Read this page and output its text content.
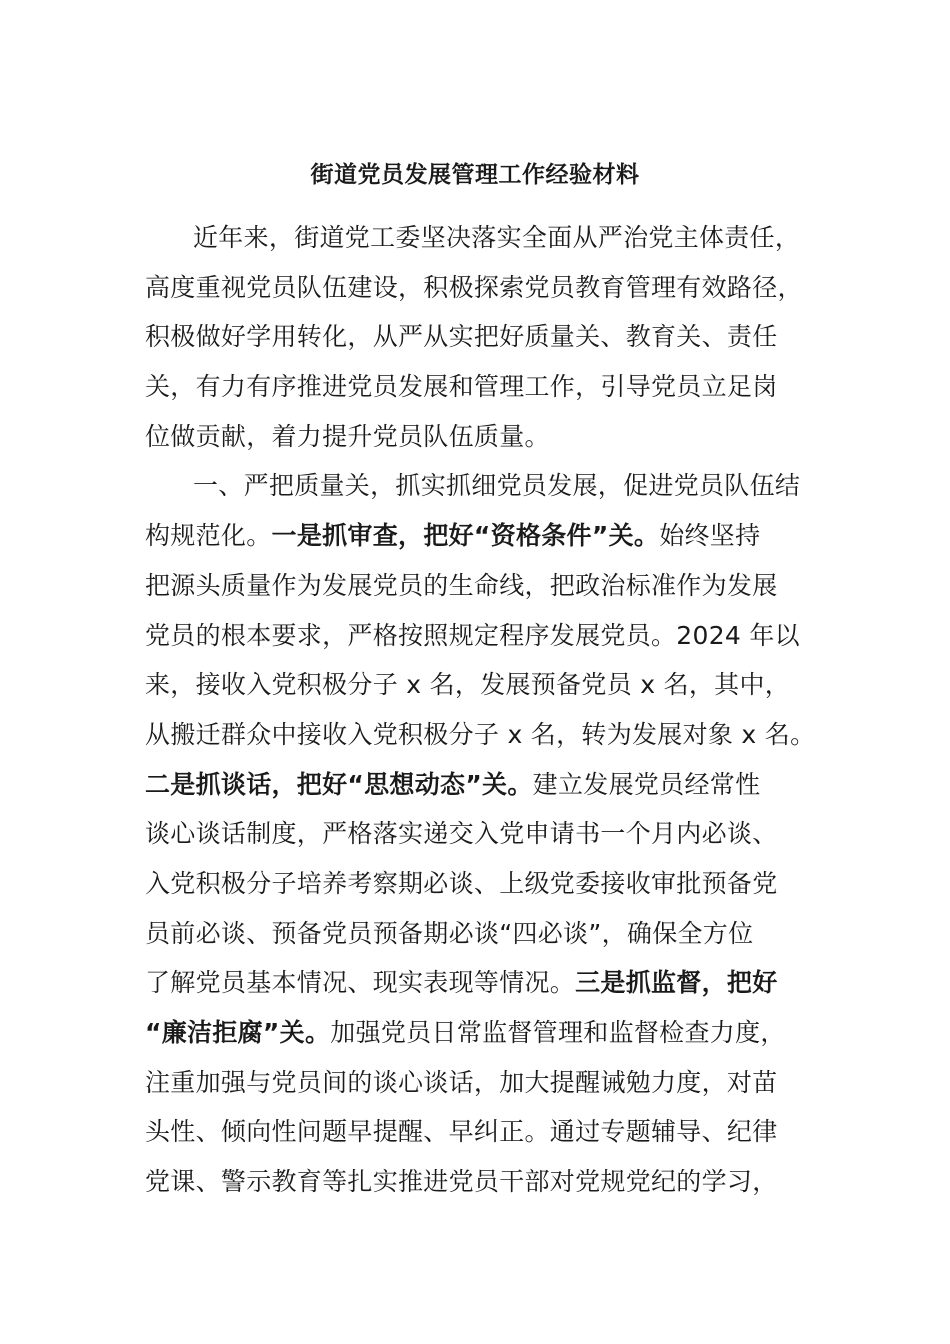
街道党员发展管理工作经验材料
近年来，街道党工委坚决落实全面从严治党主体责任，
高度重视党员队伍建设，积极探索党员教育管理有效路径，
积极做好学用转化，从严从实把好质量关、教育关、责任
关，有力有序推进党员发展和管理工作，引导党员立足岗
位做贡献，着力提升党员队伍质量。
一、严把质量关，抓实抓细党员发展，促进党员队伍结
构规范化。一是抓审查，把好“资格条件”关。始终坚持
把源头质量作为发展党员的生命线，把政治标准作为发展
党员的根本要求，严格按照规定程序发展党员。2024 年以
来，接收入党积极分子 x 名，发展预备党员 x 名，其中，
从搬迁群众中接收入党积极分子 x 名，转为发展对象 x 名。
二是抓谈话，把好“思想动态”关。建立发展党员经常性
谈心谈话制度，严格落实递交入党申请书一个月内必谈、
入党积极分子培养考察期必谈、上级党委接收审批预备党
员前必谈、预备党员预备期必谈“四必谈”，确保全方位
了解党员基本情况、现实表现等情况。三是抓监督，把好
“廉洁拒腐”关。加强党员日常监督管理和监督检查力度，
注重加强与党员间的谈心谈话，加大提醒诫勉力度，对苗
头性、倾向性问题早提醒、早纠正。通过专题辅导、纪律
党课、警示教育等扎实推进党员干部对党规党纪的学习，
